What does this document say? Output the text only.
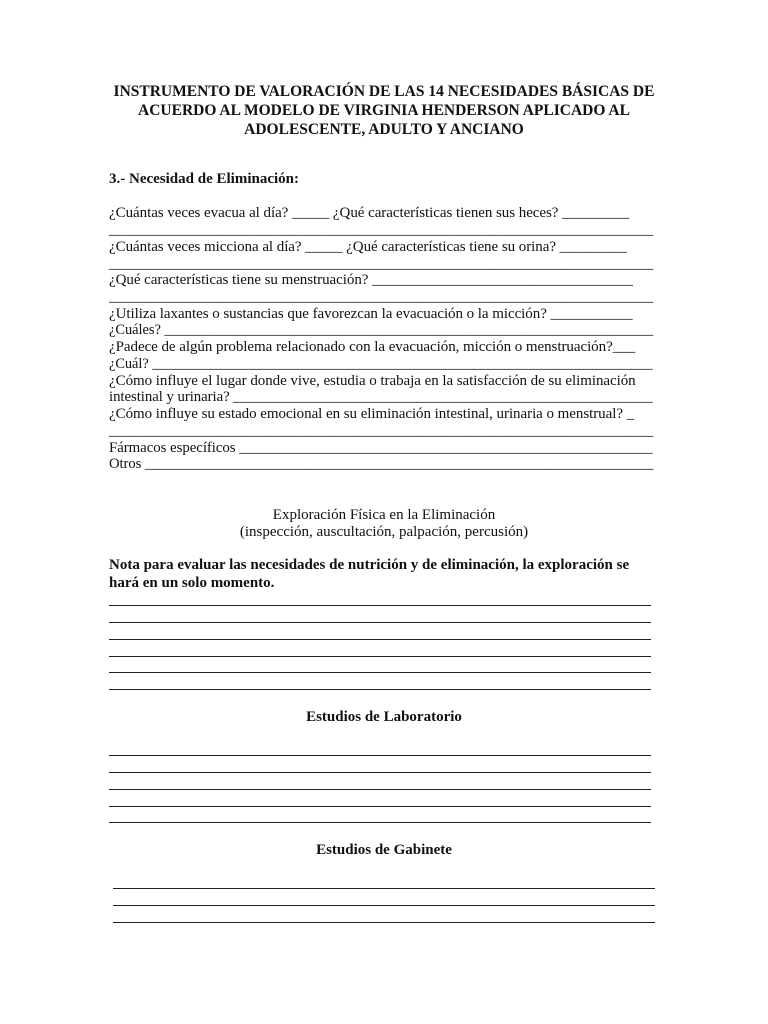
INSTRUMENTO DE VALORACIÓN DE LAS 14 NECESIDADES BÁSICAS DE
ACUERDO AL MODELO DE VIRGINIA HENDERSON APLICADO AL
ADOLESCENTE, ADULTO Y ANCIANO
3.- Necesidad de Eliminación:
¿Cuántas veces evacua al día? _____ ¿Qué características tienen sus heces? _________
____________________________________________________________________________
¿Cuántas veces micciona al día? _____ ¿Qué características tiene su orina? _________
____________________________________________________________________________
¿Qué características tiene su menstruación? ___________________________________
____________________________________________________________________________
¿Utiliza laxantes o sustancias que favorezcan la evacuación o la micción? ___________
¿Cuáles? ____________________________________________________________________
¿Padece de algún problema relacionado con la evacuación, micción o menstruación?___
¿Cuál? ______________________________________________________________________
¿Cómo influye el lugar donde vive, estudia o trabaja en la satisfacción de su eliminación
intestinal y urinaria? _________________________________________________________
¿Cómo influye su estado emocional en su eliminación intestinal, urinaria o menstrual? _
____________________________________________________________________________
Fármacos específicos ________________________________________________________
Otros ______________________________________________________________________
Exploración Física en la Eliminación
(inspección, auscultación, palpación, percusión)
Nota para evaluar las necesidades de nutrición y de eliminación, la exploración se
hará en un solo momento.
Estudios de Laboratorio
Estudios de Gabinete
